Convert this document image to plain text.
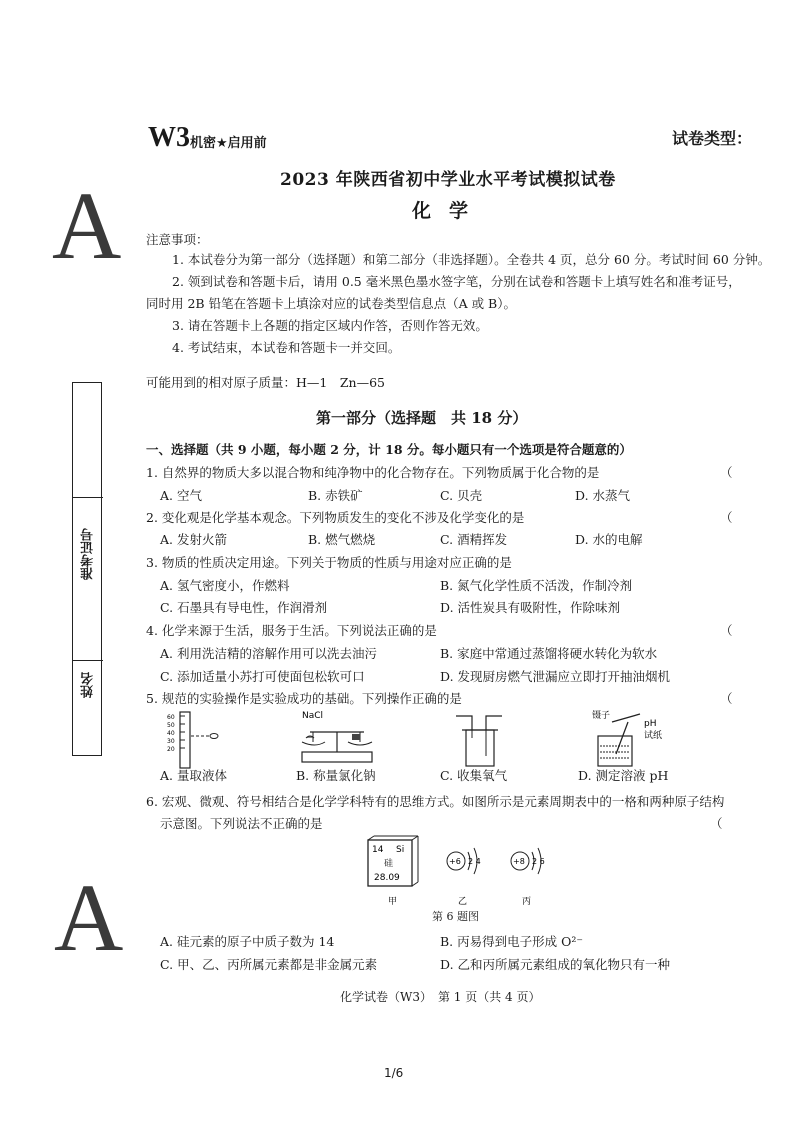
W3 机密★启用前	试卷类型：
A
A
2023 年陕西省初中学业水平考试模拟试卷
化学
注意事项：
1. 本试卷分为第一部分（选择题）和第二部分（非选择题）。全卷共 4 页，总分 60 分。考试时间 60 分钟。
2. 领到试卷和答题卡后，请用 0.5 毫米黑色墨水签字笔，分别在试卷和答题卡上填写姓名和准考证号，
同时用 2B 铅笔在答题卡上填涂对应的试卷类型信息点（A 或 B）。
3. 请在答题卡上各题的指定区域内作答，否则作答无效。
4. 考试结束，本试卷和答题卡一并交回。
可能用到的相对原子质量：H—1　Zn—65
第一部分（选择题　共 18 分）
一、选择题（共 9 小题，每小题 2 分，计 18 分。每小题只有一个选项是符合题意的）
准考证号
姓名
1. 自然界的物质大多以混合物和纯净物中的化合物存在。下列物质属于化合物的是	（
A. 空气	B. 赤铁矿	C. 贝壳	D. 水蒸气
2. 变化观是化学基本观念。下列物质发生的变化不涉及化学变化的是	（
A. 发射火箭	B. 燃气燃烧	C. 酒精挥发	D. 水的电解
3. 物质的性质决定用途。下列关于物质的性质与用途对应正确的是
A. 氢气密度小，作燃料	B. 氮气化学性质不活泼，作制冷剂
C. 石墨具有导电性，作润滑剂	D. 活性炭具有吸附性，作除味剂
4. 化学来源于生活，服务于生活。下列说法正确的是	（
A. 利用洗洁精的溶解作用可以洗去油污	B. 家庭中常通过蒸馏将硬水转化为软水
C. 添加适量小苏打可使面包松软可口	D. 发现厨房燃气泄漏应立即打开抽油烟机
5. 规范的实验操作是实验成功的基础。下列操作正确的是	（
60
50
40
30
20
NaCl	镊子
pH
试纸
A. 量取液体	B. 称量氯化钠	C. 收集氧气	D. 测定溶液 pH
6. 宏观、微观、符号相结合是化学学科特有的思维方式。如图所示是元素周期表中的一格和两种原子结构
示意图。下列说法不正确的是	（
14 Si
硅
28.09
+6 2 4	+8 2 6
甲	乙	丙
第 6 题图
A. 硅元素的原子中质子数为 14	B. 丙易得到电子形成 O²⁻
C. 甲、乙、丙所属元素都是非金属元素	D. 乙和丙所属元素组成的氧化物只有一种
化学试卷（W3）　第 1 页（共 4 页）
1/6
